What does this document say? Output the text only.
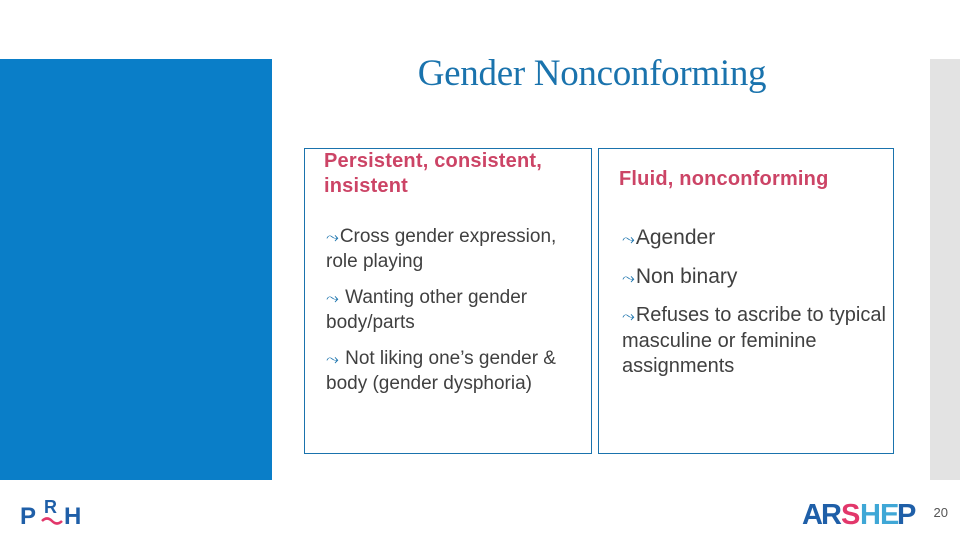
Gender Nonconforming
Persistent, consistent, insistent
⤳Cross gender expression, role playing
⤳ Wanting other gender body/parts
⤳ Not liking one’s gender & body (gender dysphoria)
Fluid, nonconforming
⤳Agender
⤳Non binary
⤳Refuses to ascribe to typical masculine or feminine assignments
P R H	A
R S H E
P	20
